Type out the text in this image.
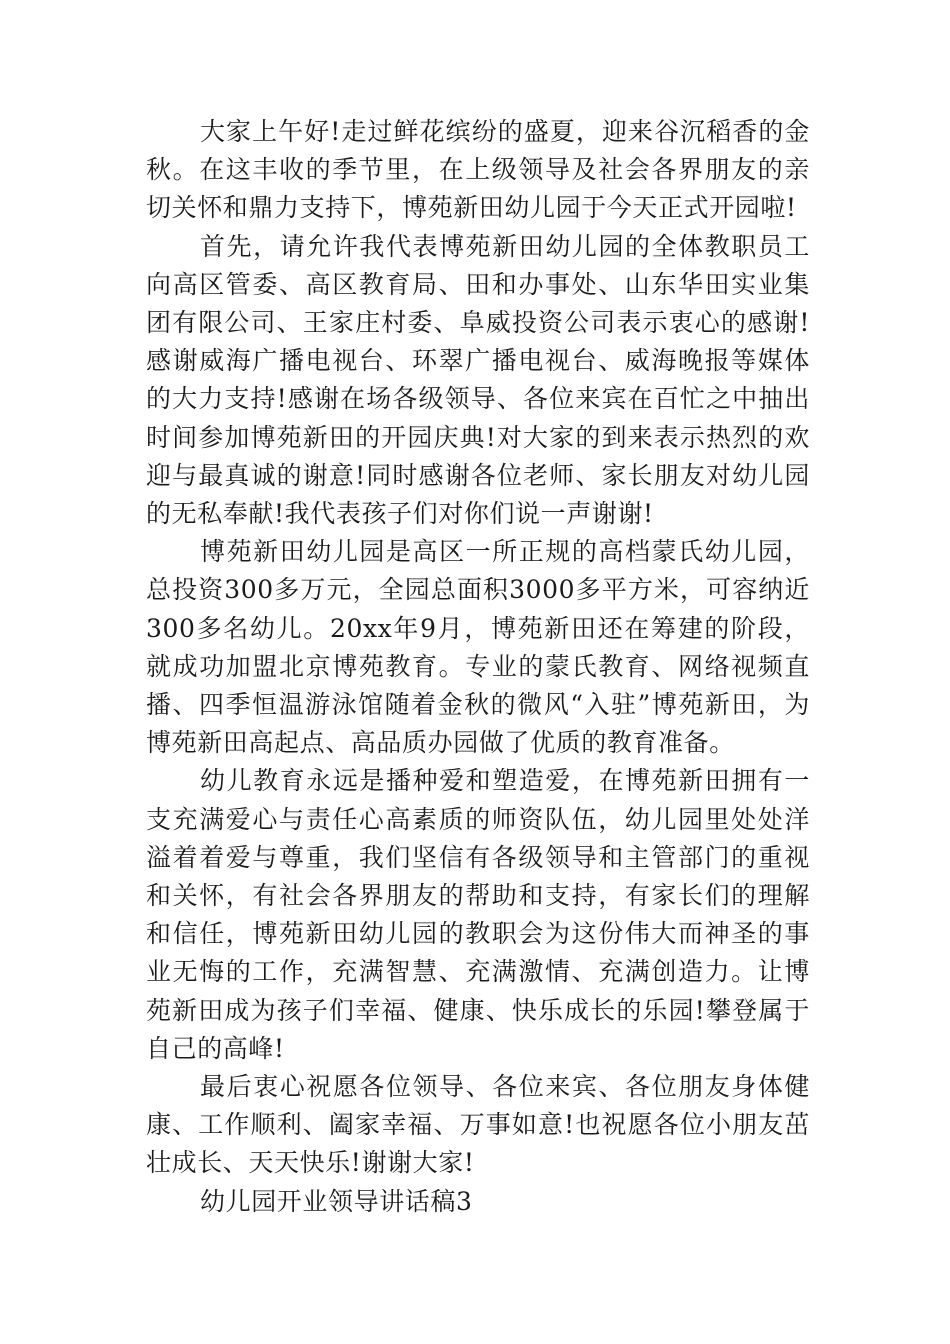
大家上午好!走过鲜花缤纷的盛夏，迎来谷沉稻香的金秋。在这丰收的季节里，在上级领导及社会各界朋友的亲切关怀和鼎力支持下，博苑新田幼儿园于今天正式开园啦!

首先，请允许我代表博苑新田幼儿园的全体教职员工向高区管委、高区教育局、田和办事处、山东华田实业集团有限公司、王家庄村委、阜威投资公司表示衷心的感谢!感谢威海广播电视台、环翠广播电视台、威海晚报等媒体的大力支持!感谢在场各级领导、各位来宾在百忙之中抽出时间参加博苑新田的开园庆典!对大家的到来表示热烈的欢迎与最真诚的谢意!同时感谢各位老师、家长朋友对幼儿园的无私奉献!我代表孩子们对你们说一声谢谢!

博苑新田幼儿园是高区一所正规的高档蒙氏幼儿园，总投资300多万元，全园总面积3000多平方米，可容纳近300多名幼儿。20xx年9月，博苑新田还在筹建的阶段，就成功加盟北京博苑教育。专业的蒙氏教育、网络视频直播、四季恒温游泳馆随着金秋的微风“入驻”博苑新田，为博苑新田高起点、高品质办园做了优质的教育准备。

幼儿教育永远是播种爱和塑造爱，在博苑新田拥有一支充满爱心与责任心高素质的师资队伍，幼儿园里处处洋溢着着爱与尊重，我们坚信有各级领导和主管部门的重视和关怀，有社会各界朋友的帮助和支持，有家长们的理解和信任，博苑新田幼儿园的教职会为这份伟大而神圣的事业无悔的工作，充满智慧、充满激情、充满创造力。让博苑新田成为孩子们幸福、健康、快乐成长的乐园!攀登属于自己的高峰!

最后衷心祝愿各位领导、各位来宾、各位朋友身体健康、工作顺利、阖家幸福、万事如意!也祝愿各位小朋友茁壮成长、天天快乐!谢谢大家!

幼儿园开业领导讲话稿3
